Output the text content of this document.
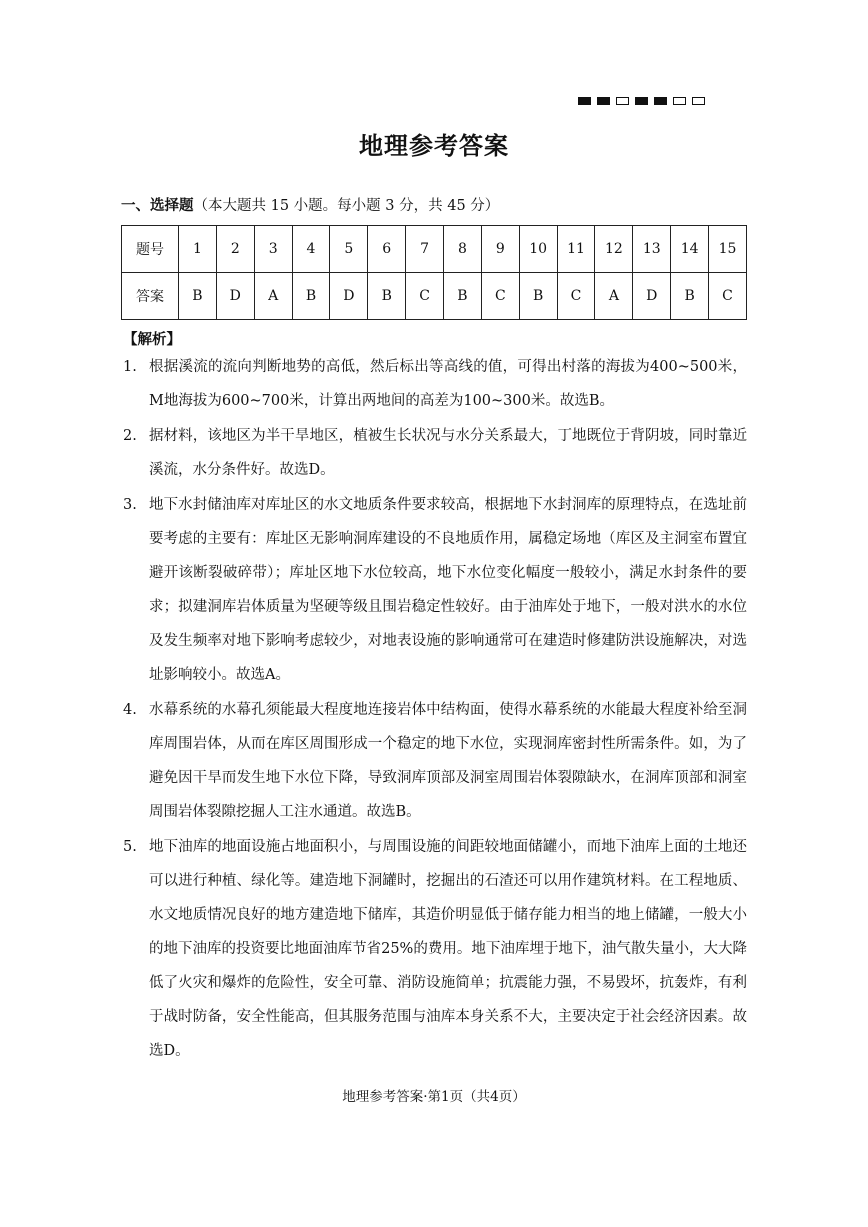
地理参考答案
一、选择题（本大题共 15 小题。每小题 3 分，共 45 分）
题号	1	2	3	4	5	6	7	8	9	10	11	12	13	14	15
答案	B	D	A	B	D	B	C	B	C	B	C	A	D	B	C
【解析】
1. 根据溪流的流向判断地势的高低，然后标出等高线的值，可得出村落的海拔为400~500米，M地海拔为600~700米，计算出两地间的高差为100~300米。故选B。
2. 据材料，该地区为半干旱地区，植被生长状况与水分关系最大，丁地既位于背阴坡，同时靠近溪流，水分条件好。故选D。
3. 地下水封储油库对库址区的水文地质条件要求较高，根据地下水封洞库的原理特点，在选址前要考虑的主要有：库址区无影响洞库建设的不良地质作用，属稳定场地（库区及主洞室布置宜避开该断裂破碎带）；库址区地下水位较高，地下水位变化幅度一般较小，满足水封条件的要求；拟建洞库岩体质量为坚硬等级且围岩稳定性较好。由于油库处于地下，一般对洪水的水位及发生频率对地下影响考虑较少，对地表设施的影响通常可在建造时修建防洪设施解决，对选址影响较小。故选A。
4. 水幕系统的水幕孔须能最大程度地连接岩体中结构面，使得水幕系统的水能最大程度补给至洞库周围岩体，从而在库区周围形成一个稳定的地下水位，实现洞库密封性所需条件。如，为了避免因干旱而发生地下水位下降，导致洞库顶部及洞室周围岩体裂隙缺水，在洞库顶部和洞室周围岩体裂隙挖掘人工注水通道。故选B。
5. 地下油库的地面设施占地面积小，与周围设施的间距较地面储罐小，而地下油库上面的土地还可以进行种植、绿化等。建造地下洞罐时，挖掘出的石渣还可以用作建筑材料。在工程地质、水文地质情况良好的地方建造地下储库，其造价明显低于储存能力相当的地上储罐，一般大小的地下油库的投资要比地面油库节省25%的费用。地下油库埋于地下，油气散失量小，大大降低了火灾和爆炸的危险性，安全可靠、消防设施简单；抗震能力强，不易毁坏，抗轰炸，有利于战时防备，安全性能高，但其服务范围与油库本身关系不大，主要决定于社会经济因素。故选D。
地理参考答案·第1页（共4页）
